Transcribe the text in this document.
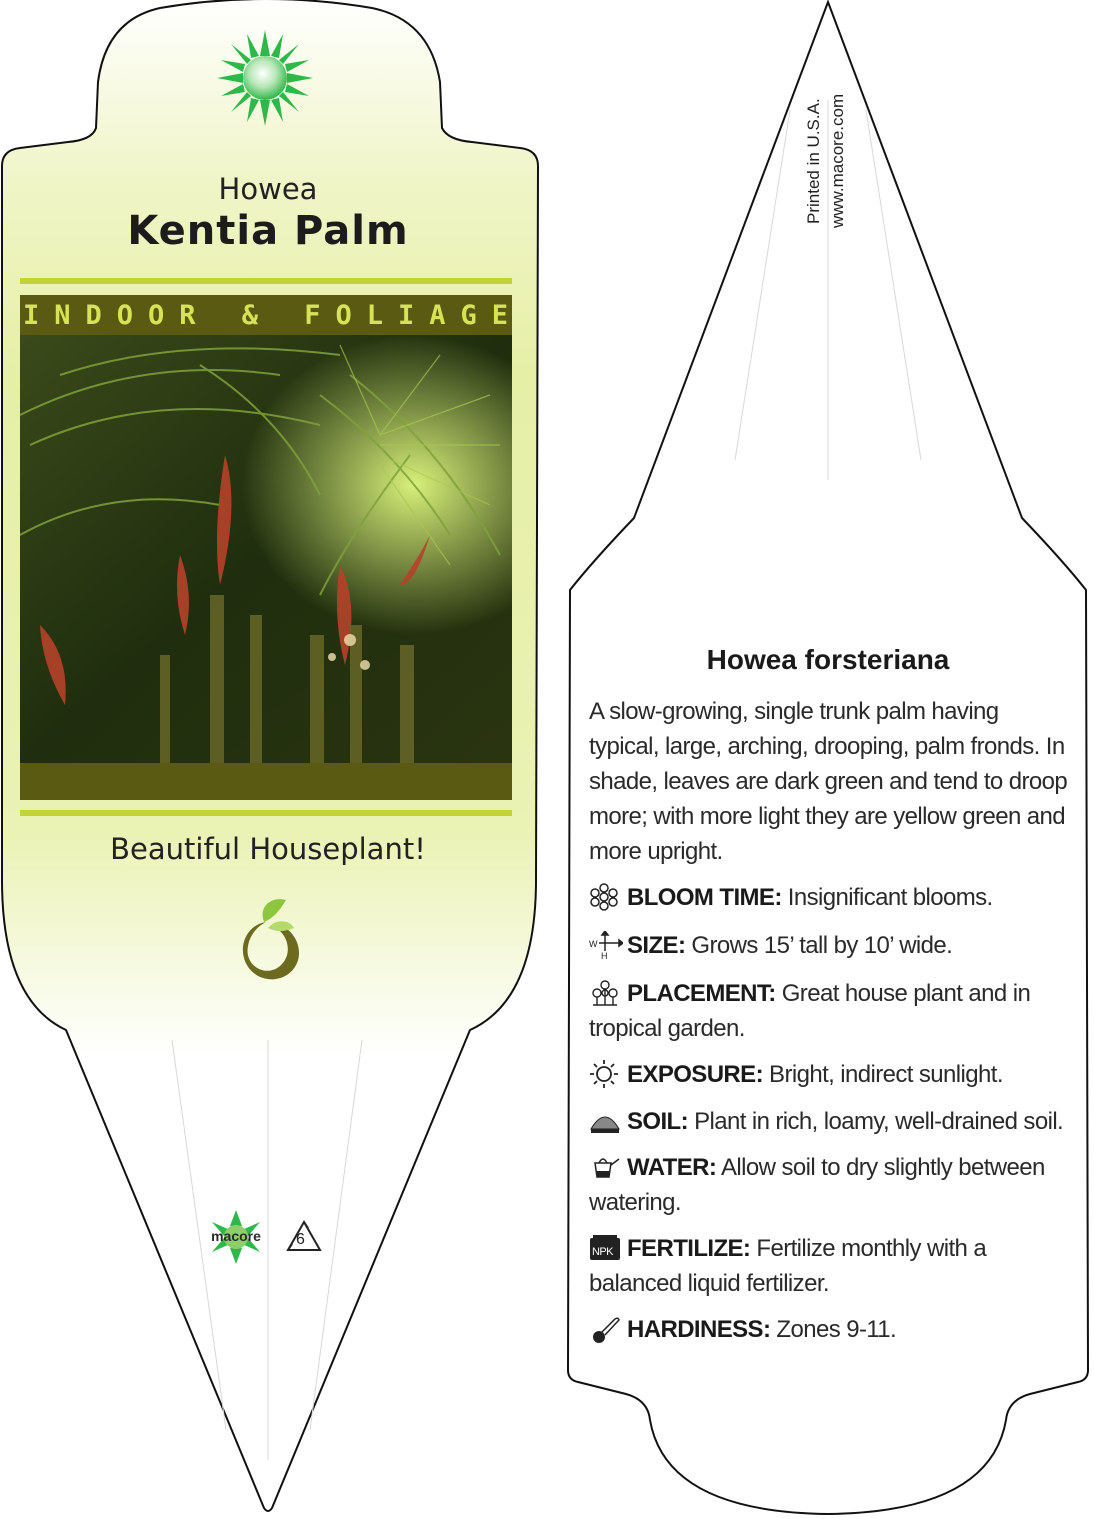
Howea
Kentia Palm
INDOOR & FOLIAGE
Beautiful Houseplant!
macore	6
Printed in U.S.A. www.macore.com
Howea forsteriana
A slow-growing, single trunk palm having typical, large, arching, drooping, palm fronds. In shade, leaves are dark green and tend to droop more; with more light they are yellow green and more upright.
BLOOM TIME: Insignificant blooms.
W
H SIZE: Grows 15’ tall by 10’ wide.
PLACEMENT: Great house plant and in tropical garden.
EXPOSURE: Bright, indirect sunlight.
SOIL: Plant in rich, loamy, well-drained soil.
WATER: Allow soil to dry slightly between watering.
NPK FERTILIZE: Fertilize monthly with a balanced liquid fertilizer.
HARDINESS: Zones 9-11.
